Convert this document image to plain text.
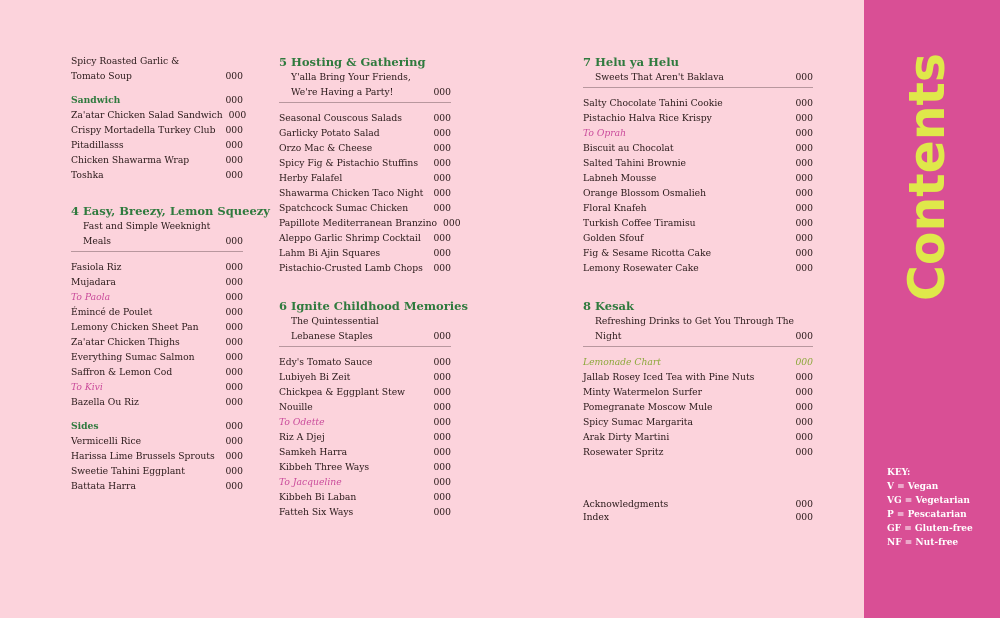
Spicy Roasted Garlic &
Tomato Soup	000
Sandwich	000
Za'atar Chicken Salad Sandwich 000
Crispy Mortadella Turkey Club 000
Pitadillasss	000
Chicken Shawarma Wrap	000
Toshka	000
4 Easy, Breezy, Lemon Squeezy
Fast and Simple Weeknight Meals	000
Fasiola Riz	000
Mujadara	000
To Paola	000
Émincé de Poulet	000
Lemony Chicken Sheet Pan	000
Za'atar Chicken Thighs	000
Everything Sumac Salmon	000
Saffron & Lemon Cod	000
To Kivi	000
Bazella Ou Riz	000
Sides	000
Vermicelli Rice	000
Harissa Lime Brussels Sprouts 000
Sweetie Tahini Eggplant	000
Battata Harra	000
5 Hosting & Gathering
Y'alla Bring Your Friends,
We're Having a Party!	000
Seasonal Couscous Salads	000
Garlicky Potato Salad	000
Orzo Mac & Cheese	000
Spicy Fig & Pistachio Stuffins 000
Herby Falafel	000
Shawarma Chicken Taco Night 000
Spatchcock Sumac Chicken	000
Papillote Mediterranean Branzino 000
Aleppo Garlic Shrimp Cocktail 000
Lahm Bi Ajin Squares	000
Pistachio-Crusted Lamb Chops 000
6 Ignite Childhood Memories
The Quintessential
Lebanese Staples	000
Edy's Tomato Sauce	000
Lubiyeh Bi Zeit	000
Chickpea & Eggplant Stew	000
Nouille	000
To Odette	000
Riz A Djej	000
Samkeh Harra	000
Kibbeh Three Ways	000
To Jacqueline	000
Kibbeh Bi Laban	000
Fatteh Six Ways	000
7 Helu ya Helu
Sweets That Aren't Baklava	000
Salty Chocolate Tahini Cookie	000
Pistachio Halva Rice Krispy	000
To Oprah	000
Biscuit au Chocolat	000
Salted Tahini Brownie	000
Labneh Mousse	000
Orange Blossom Osmalieh	000
Floral Knafeh	000
Turkish Coffee Tiramisu	000
Golden Sfouf	000
Fig & Sesame Ricotta Cake	000
Lemony Rosewater Cake	000
8 Kesak
Refreshing Drinks to Get You Through The Night	000
Lemonade Chart	000
Jallab Rosey Iced Tea with Pine Nuts	000
Minty Watermelon Surfer	000
Pomegranate Moscow Mule	000
Spicy Sumac Margarita	000
Arak Dirty Martini	000
Rosewater Spritz	000
Acknowledgments	000
Index	000
Contents
KEY:
V = Vegan
VG = Vegetarian
P = Pescatarian
GF = Gluten-free
NF = Nut-free
